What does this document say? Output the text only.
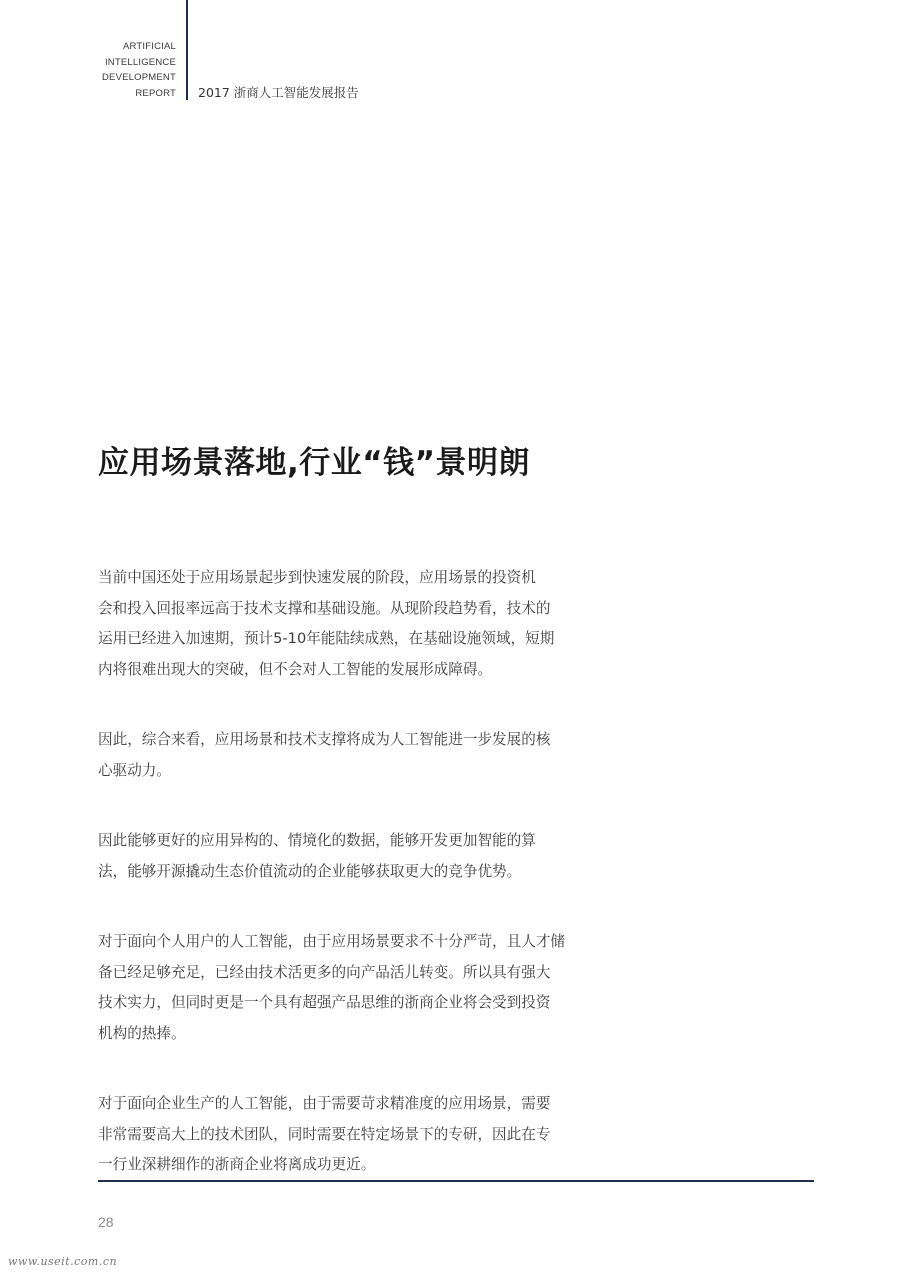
ARTIFICIAL
INTELLIGENCE
DEVELOPMENT
REPORT 2017 浙商人工智能发展报告
应用场景落地,行业“钱”景明朗

当前中国还处于应用场景起步到快速发展的阶段，应用场景的投资机
会和投入回报率远高于技术支撑和基础设施。从现阶段趋势看，技术的
运用已经进入加速期，预计5-10年能陆续成熟，在基础设施领域，短期
内将很难出现大的突破，但不会对人工智能的发展形成障碍。

因此，综合来看，应用场景和技术支撑将成为人工智能进一步发展的核
心驱动力。

因此能够更好的应用异构的、情境化的数据，能够开发更加智能的算
法，能够开源撬动生态价值流动的企业能够获取更大的竞争优势。

对于面向个人用户的人工智能，由于应用场景要求不十分严苛，且人才储
备已经足够充足，已经由技术活更多的向产品活儿转变。所以具有强大
技术实力，但同时更是一个具有超强产品思维的浙商企业将会受到投资
机构的热捧。

对于面向企业生产的人工智能，由于需要苛求精准度的应用场景，需要
非常需要高大上的技术团队，同时需要在特定场景下的专研，因此在专
一行业深耕细作的浙商企业将离成功更近。

28
www.useit.com.cn
